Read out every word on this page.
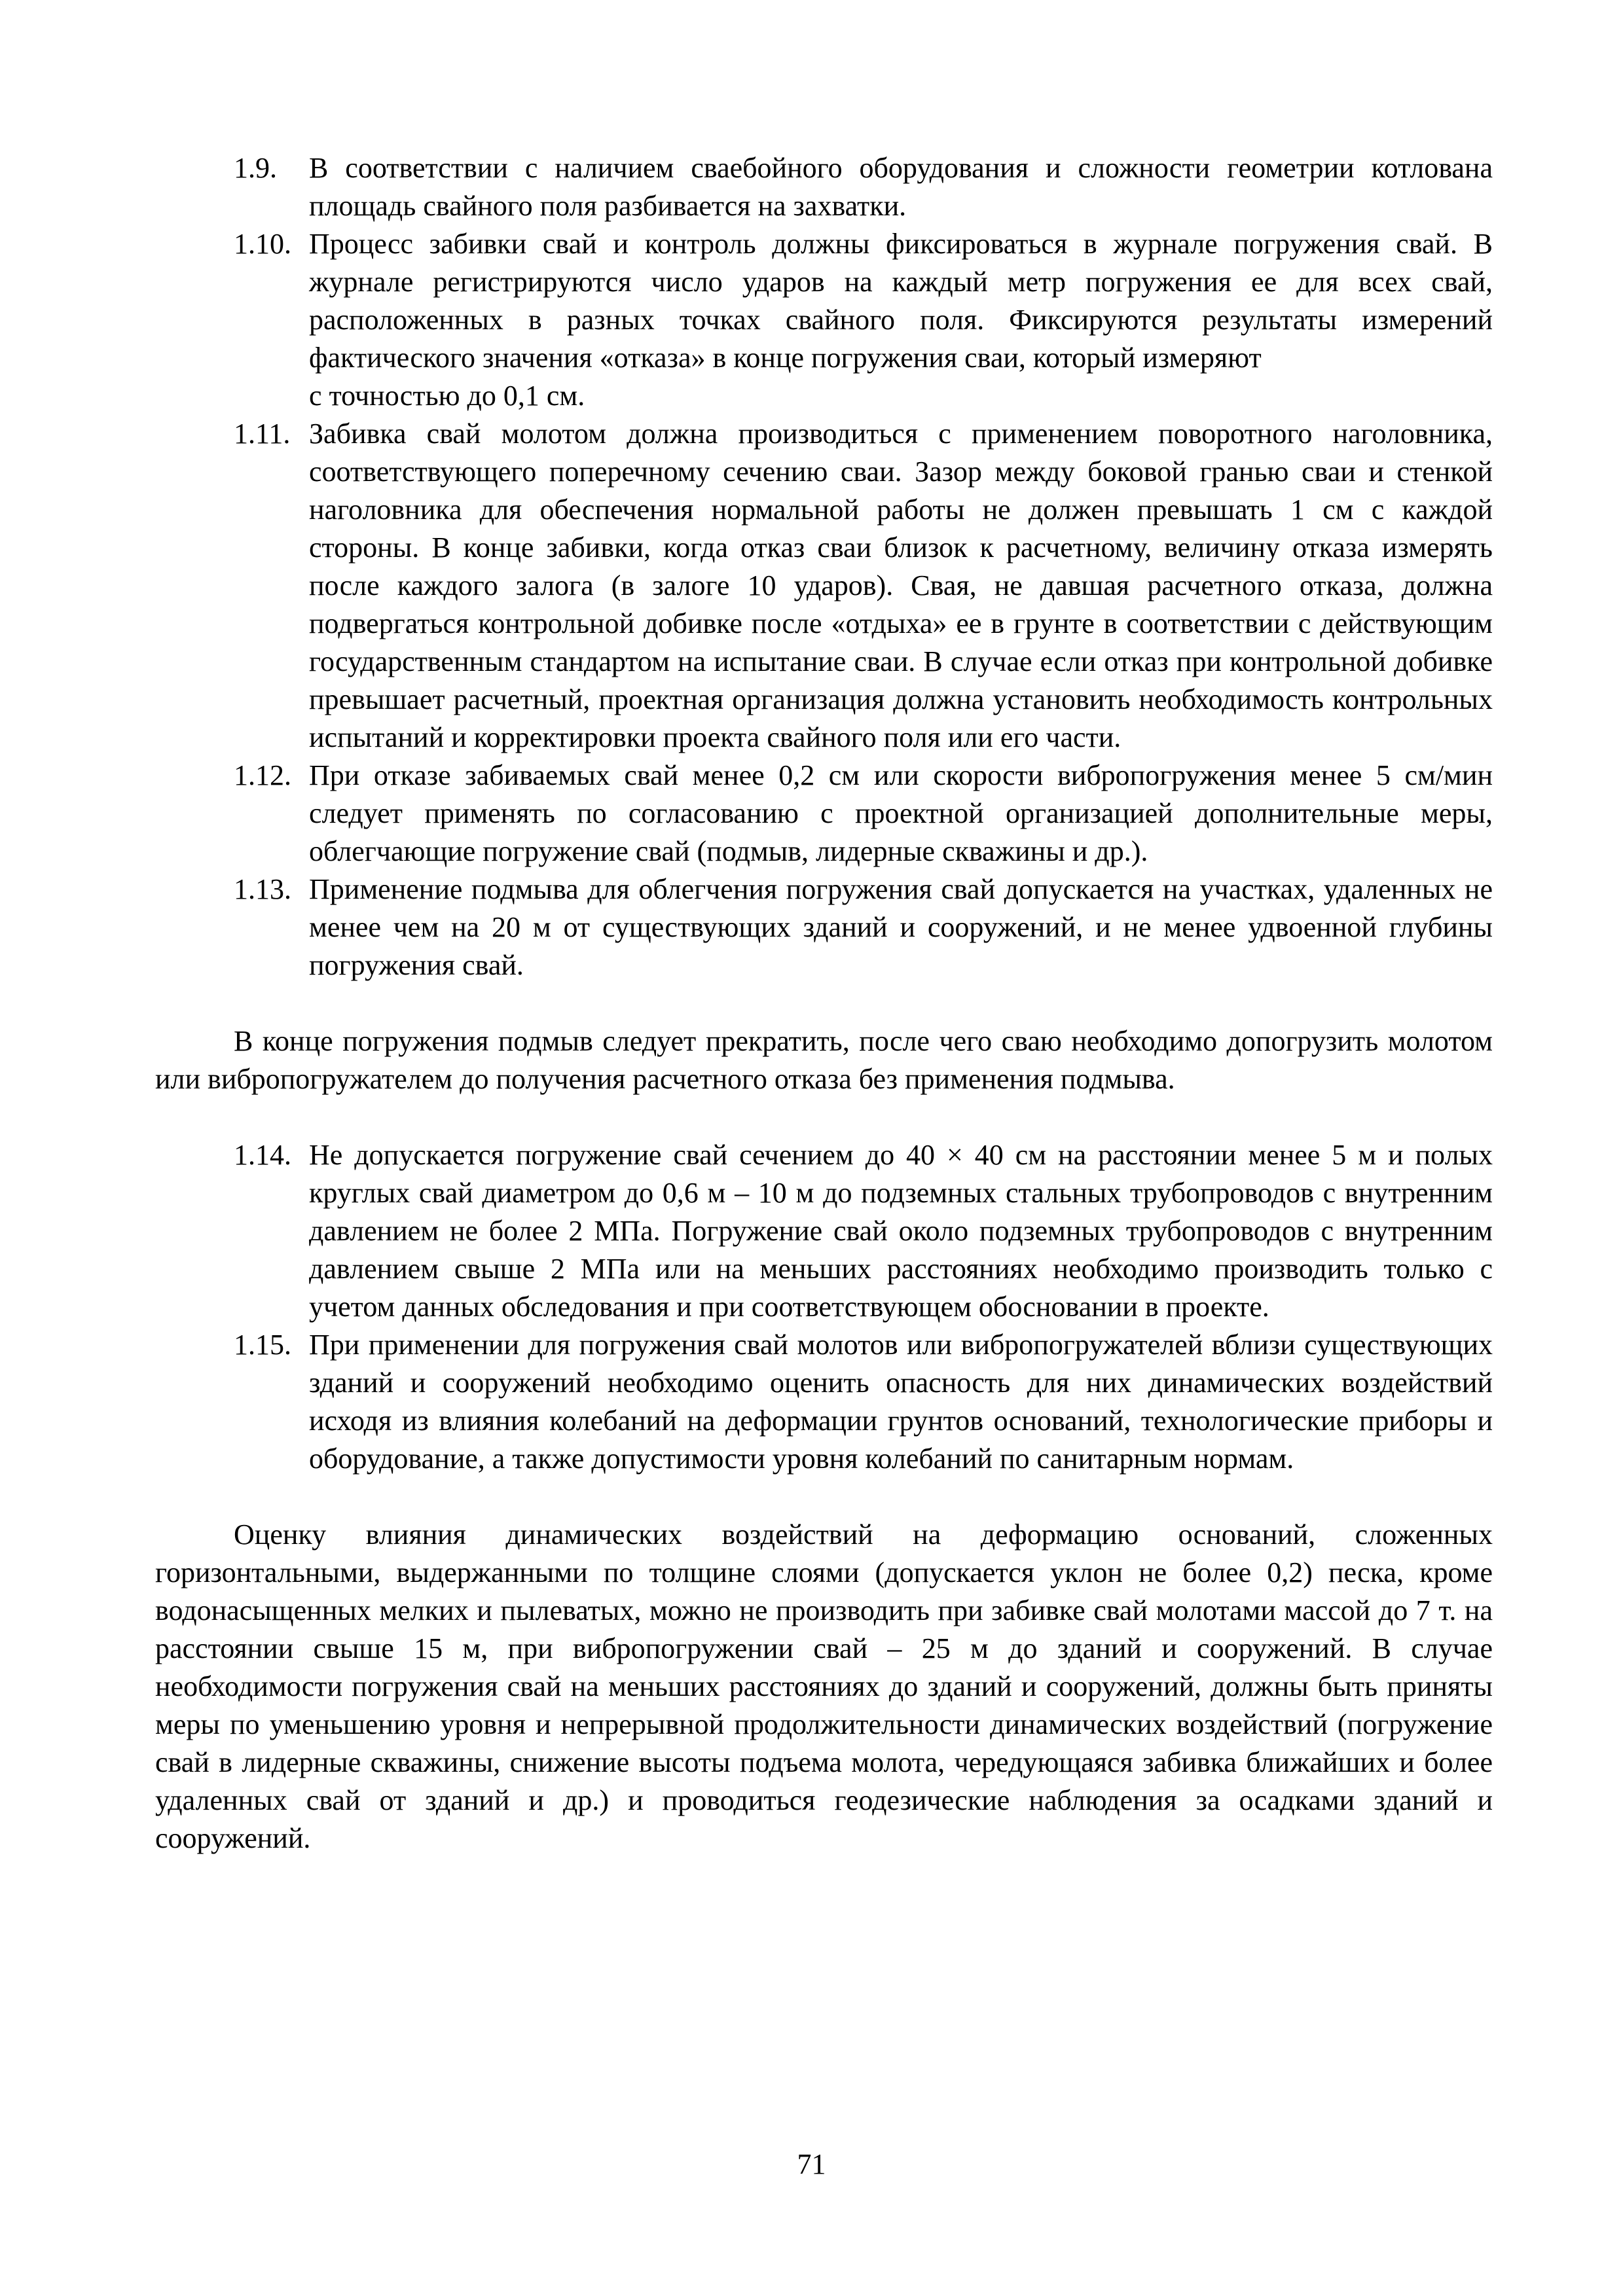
1.9.	В соответствии с наличием сваебойного оборудования и сложности геометрии котлована площадь свайного поля разбивается на захватки.

1.10. Процесс забивки свай и контроль должны фиксироваться в журнале погружения свай. В журнале регистрируются число ударов на каждый метр погружения ее для всех свай, расположенных в разных точках свайного поля. Фиксируются результаты измерений фактического значения «отказа» в конце погружения сваи, который измеряют

с точностью до 0,1 см.

1.11. Забивка свай молотом должна производиться с применением поворотного наголовника, соответствующего поперечному сечению сваи. Зазор между боковой гранью сваи и стенкой наголовника для обеспечения нормальной работы не должен превышать 1 см с каждой стороны. В конце забивки, когда отказ сваи близок к расчетному, величину отказа измерять после каждого залога (в залоге 10 ударов). Свая, не давшая расчетного отказа, должна подвергаться контрольной добивке после «отдыха» ее в грунте в соответствии с действующим государственным стандартом на испытание сваи. В случае если отказ при контрольной добивке превышает расчетный, проектная организация должна установить необходимость контрольных испытаний и корректировки проекта свайного поля или его части.

1.12. При отказе забиваемых свай менее 0,2 см или скорости вибропогружения менее 5 см/мин следует применять по согласованию с проектной организацией дополнительные меры, облегчающие погружение свай (подмыв, лидерные скважины и др.).

1.13. Применение подмыва для облегчения погружения свай допускается на участках, удаленных не менее чем на 20 м от существующих зданий и сооружений, и не менее удвоенной глубины погружения свай.

В конце погружения подмыв следует прекратить, после чего сваю необходимо допогрузить молотом или вибропогружателем до получения расчетного отказа без применения подмыва.

1.14. Не допускается погружение свай сечением до 40 × 40 см на расстоянии менее 5 м и полых круглых свай диаметром до 0,6 м – 10 м до подземных стальных трубопроводов с внутренним давлением не более 2 МПа. Погружение свай около подземных трубопроводов с внутренним давлением свыше 2 МПа или на меньших расстояниях необходимо производить только с учетом данных обследования и при соответствующем обосновании в проекте.

1.15. При применении для погружения свай молотов или вибропогружателей вблизи существующих зданий и сооружений необходимо оценить опасность для них динамических воздействий исходя из влияния колебаний на деформации грунтов оснований, технологические приборы и оборудование, а также допустимости уровня колебаний по санитарным нормам.

Оценку влияния динамических воздействий на деформацию оснований, сложенных горизонтальными, выдержанными по толщине слоями (допускается уклон не более 0,2) песка, кроме водонасыщенных мелких и пылеватых, можно не производить при забивке свай молотами массой до 7 т. на расстоянии свыше 15 м, при вибропогружении свай – 25 м до зданий и сооружений. В случае необходимости погружения свай на меньших расстояниях до зданий и сооружений, должны быть приняты меры по уменьшению уровня и непрерывной продолжительности динамических воздействий (погружение свай в лидерные скважины, снижение высоты подъема молота, чередующаяся забивка ближайших и более удаленных свай от зданий и др.) и проводиться геодезические наблюдения за осадками зданий и сооружений.

71
